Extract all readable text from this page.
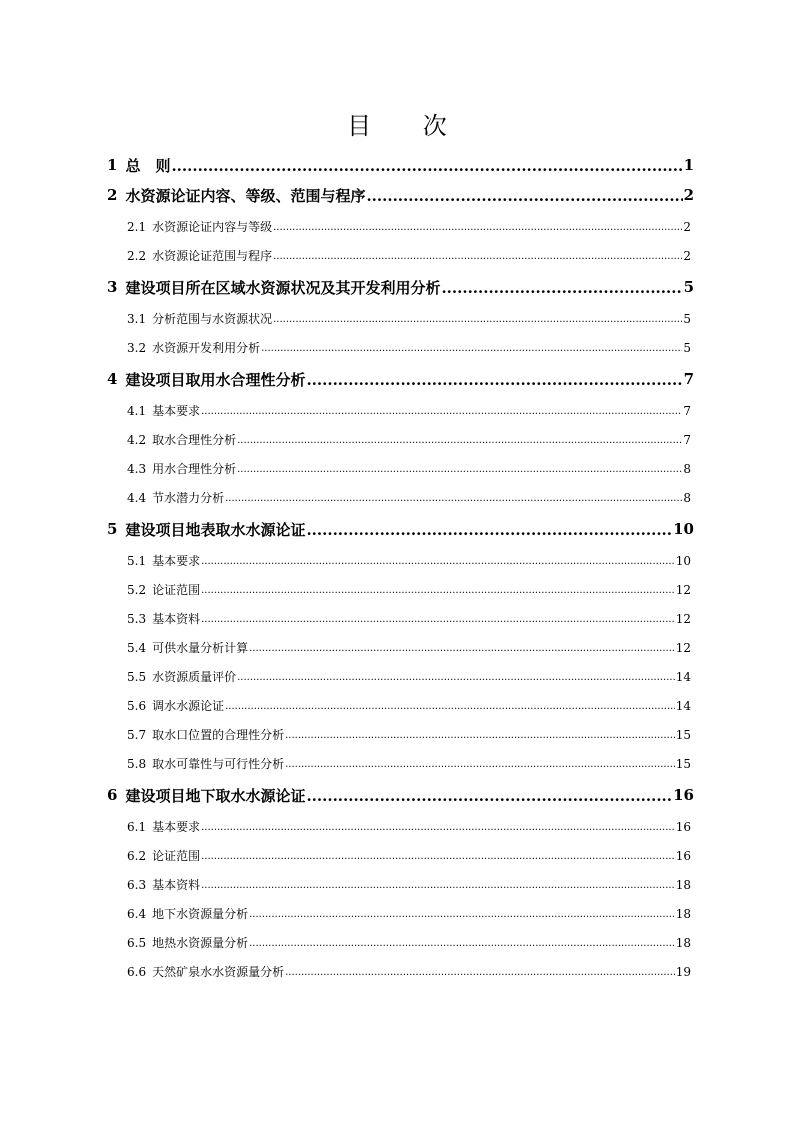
目 次
1 总　则 .....	1
2 水资源论证内容、等级、范围与程序 .....	2
2.1 水资源论证内容与等级 .....	2
2.2 水资源论证范围与程序 .....	2
3 建设项目所在区域水资源状况及其开发利用分析 .....	5
3.1 分析范围与水资源状况 .....	5
3.2 水资源开发利用分析 .....	5
4 建设项目取用水合理性分析 .....	7
4.1 基本要求 .....	7
4.2 取水合理性分析 .....	7
4.3 用水合理性分析 .....	8
4.4 节水潜力分析 .....	8
5 建设项目地表取水水源论证 .....	10
5.1 基本要求 .....	10
5.2 论证范围 .....	12
5.3 基本资料 .....	12
5.4 可供水量分析计算 .....	12
5.5 水资源质量评价 .....	14
5.6 调水水源论证 .....	14
5.7 取水口位置的合理性分析 .....	15
5.8 取水可靠性与可行性分析 .....	15
6 建设项目地下取水水源论证 .....	16
6.1 基本要求 .....	16
6.2 论证范围 .....	16
6.3 基本资料 .....	18
6.4 地下水资源量分析 .....	18
6.5 地热水资源量分析 .....	18
6.6 天然矿泉水水资源量分析 .....	19
